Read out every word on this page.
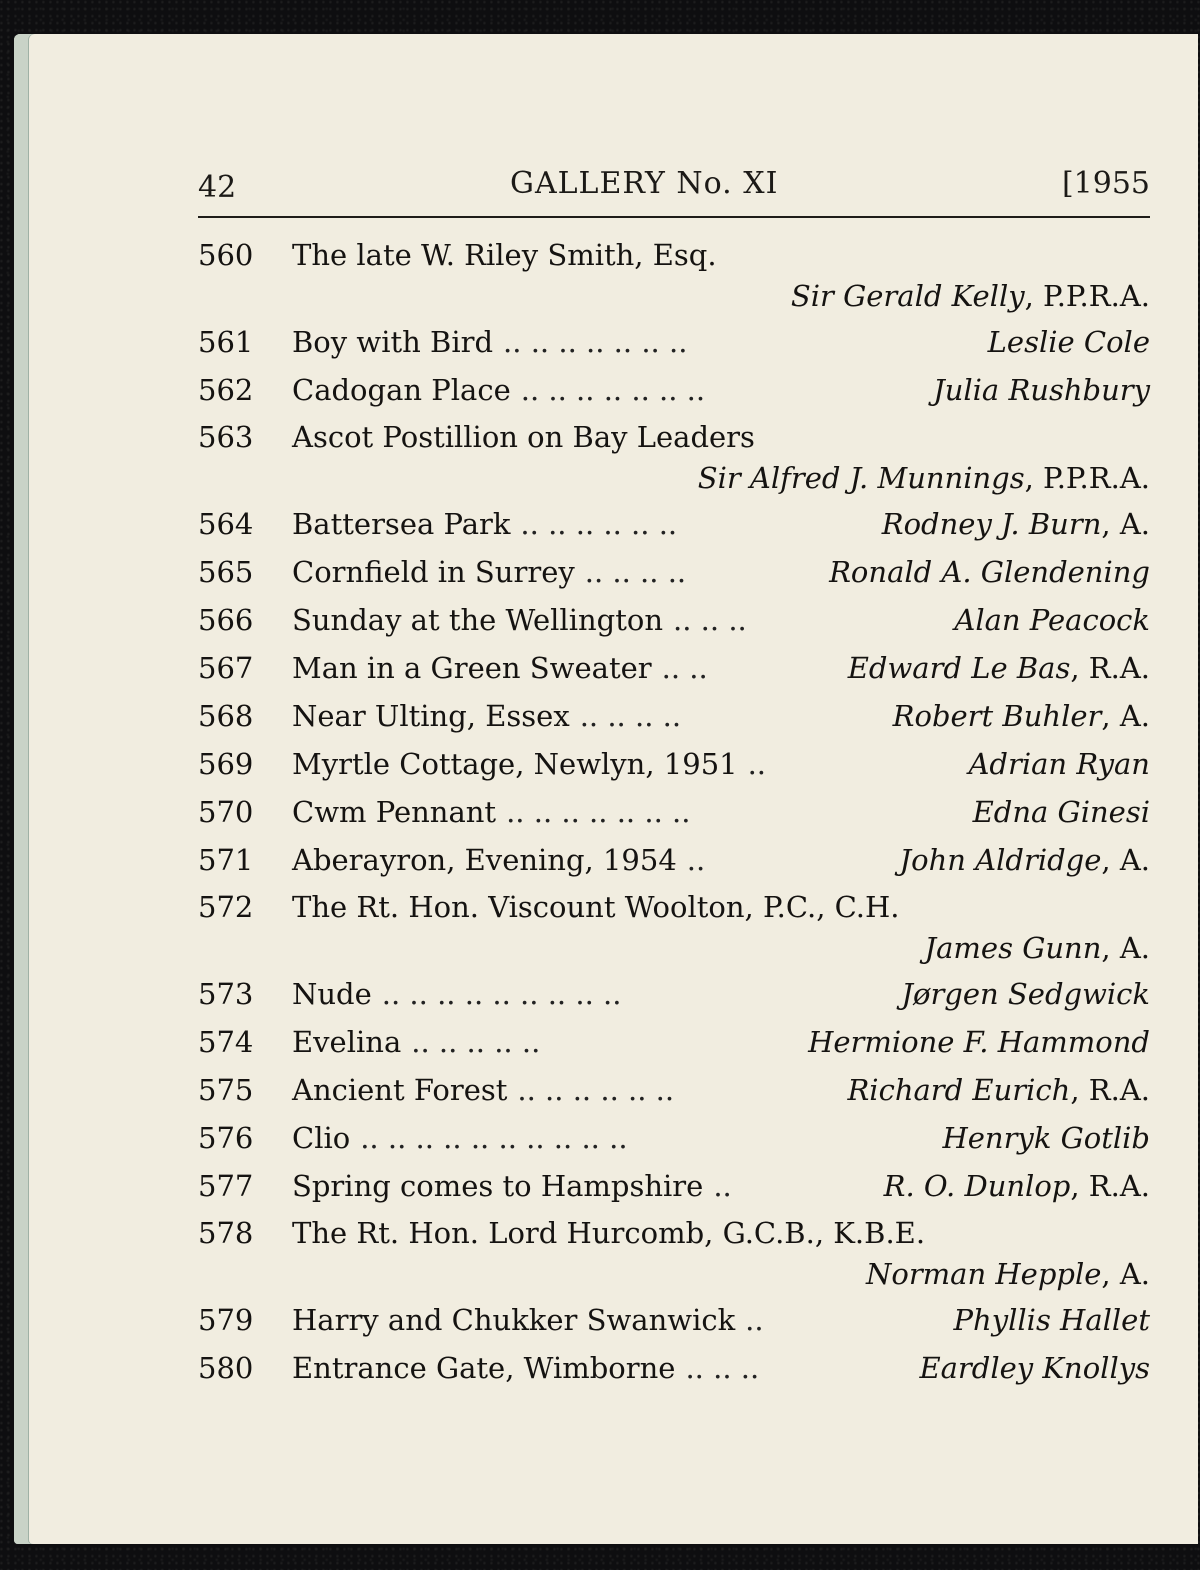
42	GALLERY No. XI	[1955
560	The late W. Riley Smith, Esq.
Sir Gerald Kelly, P.P.R.A.
561	Boy with Bird .. .. .. .. .. .. ..	Leslie Cole
562	Cadogan Place .. .. .. .. .. .. ..	Julia Rushbury
563	Ascot Postillion on Bay Leaders
Sir Alfred J. Munnings, P.P.R.A.
564	Battersea Park .. .. .. .. .. ..	Rodney J. Burn, A.
565	Cornfield in Surrey .. .. .. ..	Ronald A. Glendening
566	Sunday at the Wellington .. .. ..	Alan Peacock
567	Man in a Green Sweater .. ..	Edward Le Bas, R.A.
568	Near Ulting, Essex .. .. .. ..	Robert Buhler, A.
569	Myrtle Cottage, Newlyn, 1951 ..	Adrian Ryan
570	Cwm Pennant .. .. .. .. .. .. ..	Edna Ginesi
571	Aberayron, Evening, 1954 ..	John Aldridge, A.
572	The Rt. Hon. Viscount Woolton, P.C., C.H.
James Gunn, A.
573	Nude .. .. .. .. .. .. .. .. ..	Jørgen Sedgwick
574	Evelina .. .. .. .. ..	Hermione F. Hammond
575	Ancient Forest .. .. .. .. .. ..	Richard Eurich, R.A.
576	Clio .. .. .. .. .. .. .. .. .. ..	Henryk Gotlib
577	Spring comes to Hampshire ..	R. O. Dunlop, R.A.
578	The Rt. Hon. Lord Hurcomb, G.C.B., K.B.E.
Norman Hepple, A.
579	Harry and Chukker Swanwick ..	Phyllis Hallet
580	Entrance Gate, Wimborne .. .. ..	Eardley Knollys
